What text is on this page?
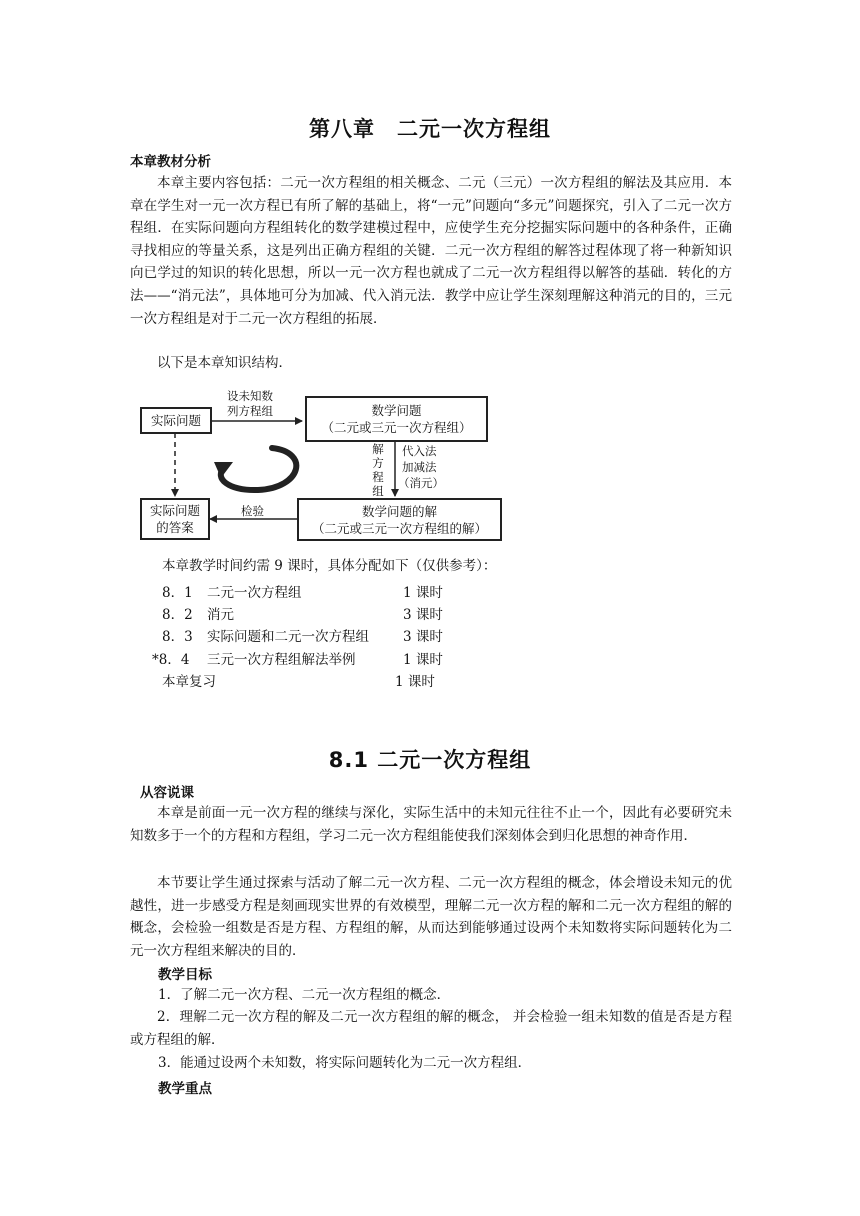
第八章　二元一次方程组
本章教材分析

本章主要内容包括：二元一次方程组的相关概念、二元（三元）一次方程组的解法及其应用．本章在学生对一元一次方程已有所了解的基础上，将“一元”问题向“多元”问题探究，引入了二元一次方程组．在实际问题向方程组转化的数学建模过程中，应使学生充分挖掘实际问题中的各种条件，正确寻找相应的等量关系，这是列出正确方程组的关键．二元一次方程组的解答过程体现了将一种新知识向已学过的知识的转化思想，所以一元一次方程也就成了二元一次方程组得以解答的基础．转化的方法——“消元法”，具体地可分为加减、代入消元法．教学中应让学生深刻理解这种消元的目的，三元一次方程组是对于二元一次方程组的拓展．

以下是本章知识结构．
实际问题
设未知数
列方程组	数学问题
（二元或三元一次方程组）
解
方
程
组
代入法
加减法
（消元）
数学问题的解
（二元或三元一次方程组的解）
检验
实际问题
的答案
本章教学时间约需 9 课时，具体分配如下（仅供参考）：
8．1 二元一次方程组	1 课时
8．2 消元	3 课时
8．3 实际问题和二元一次方程组	3 课时
*8．4 三元一次方程组解法举例	1 课时
本章复习	1 课时
8.1 二元一次方程组
从容说课

本章是前面一元一次方程的继续与深化，实际生活中的未知元往往不止一个，因此有必要研究未知数多于一个的方程和方程组，学习二元一次方程组能使我们深刻体会到归化思想的神奇作用．

本节要让学生通过探索与活动了解二元一次方程、二元一次方程组的概念，体会增设未知元的优越性，进一步感受方程是刻画现实世界的有效模型，理解二元一次方程的解和二元一次方程组的解的概念，会检验一组数是否是方程、方程组的解，从而达到能够通过设两个未知数将实际问题转化为二元一次方程组来解决的目的．

教学目标
1．了解二元一次方程、二元一次方程组的概念．

2．理解二元一次方程的解及二元一次方程组的解的概念， 并会检验一组未知数的值是否是方程或方程组的解．

3．能通过设两个未知数，将实际问题转化为二元一次方程组．
教学重点
